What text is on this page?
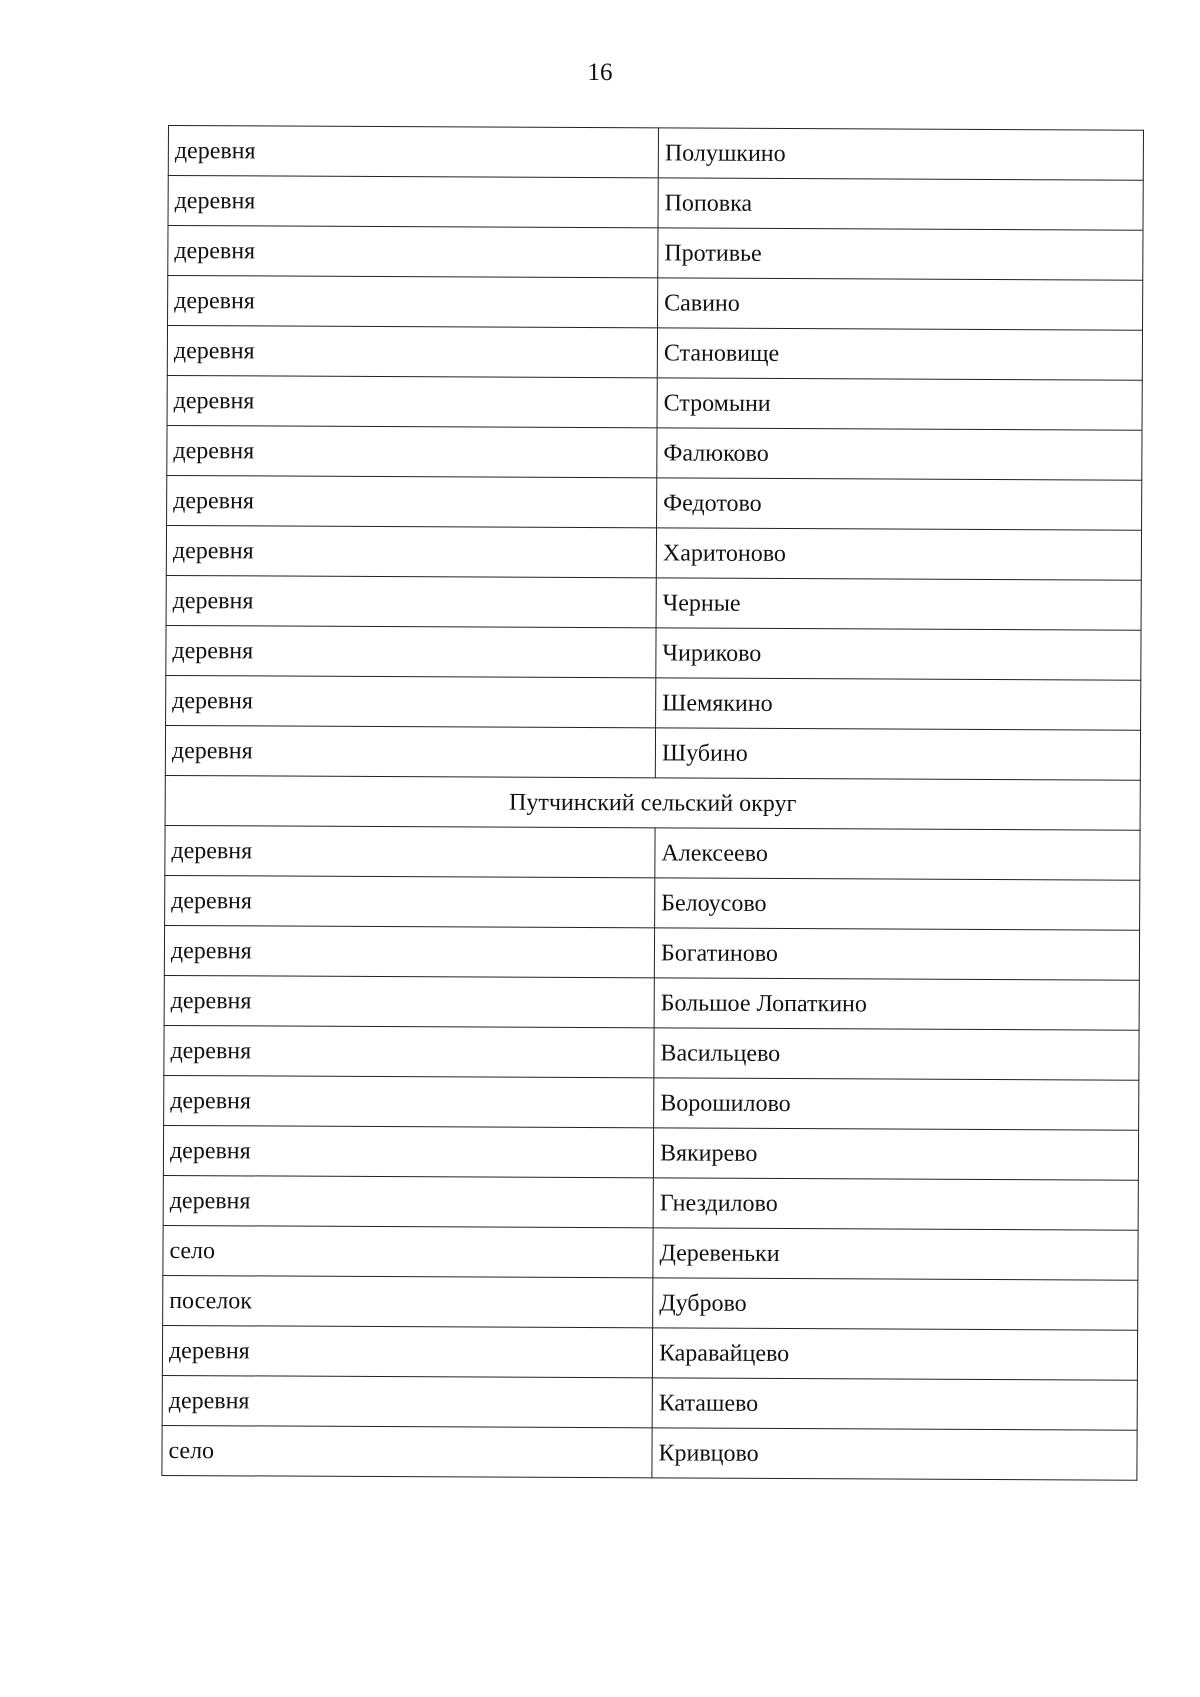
16
деревня	Полушкино
деревня	Поповка
деревня	Противье
деревня	Савино
деревня	Становище
деревня	Стромыни
деревня	Фалюково
деревня	Федотово
деревня	Харитоново
деревня	Черные
деревня	Чириково
деревня	Шемякино
деревня	Шубино
Путчинский сельский округ	
деревня	Алексеево
деревня	Белоусово
деревня	Богатиново
деревня	Большое Лопаткино
деревня	Васильцево
деревня	Ворошилово
деревня	Вякирево
деревня	Гнездилово
село	Деревеньки
поселок	Дуброво
деревня	Каравайцево
деревня	Каташево
село	Кривцово
